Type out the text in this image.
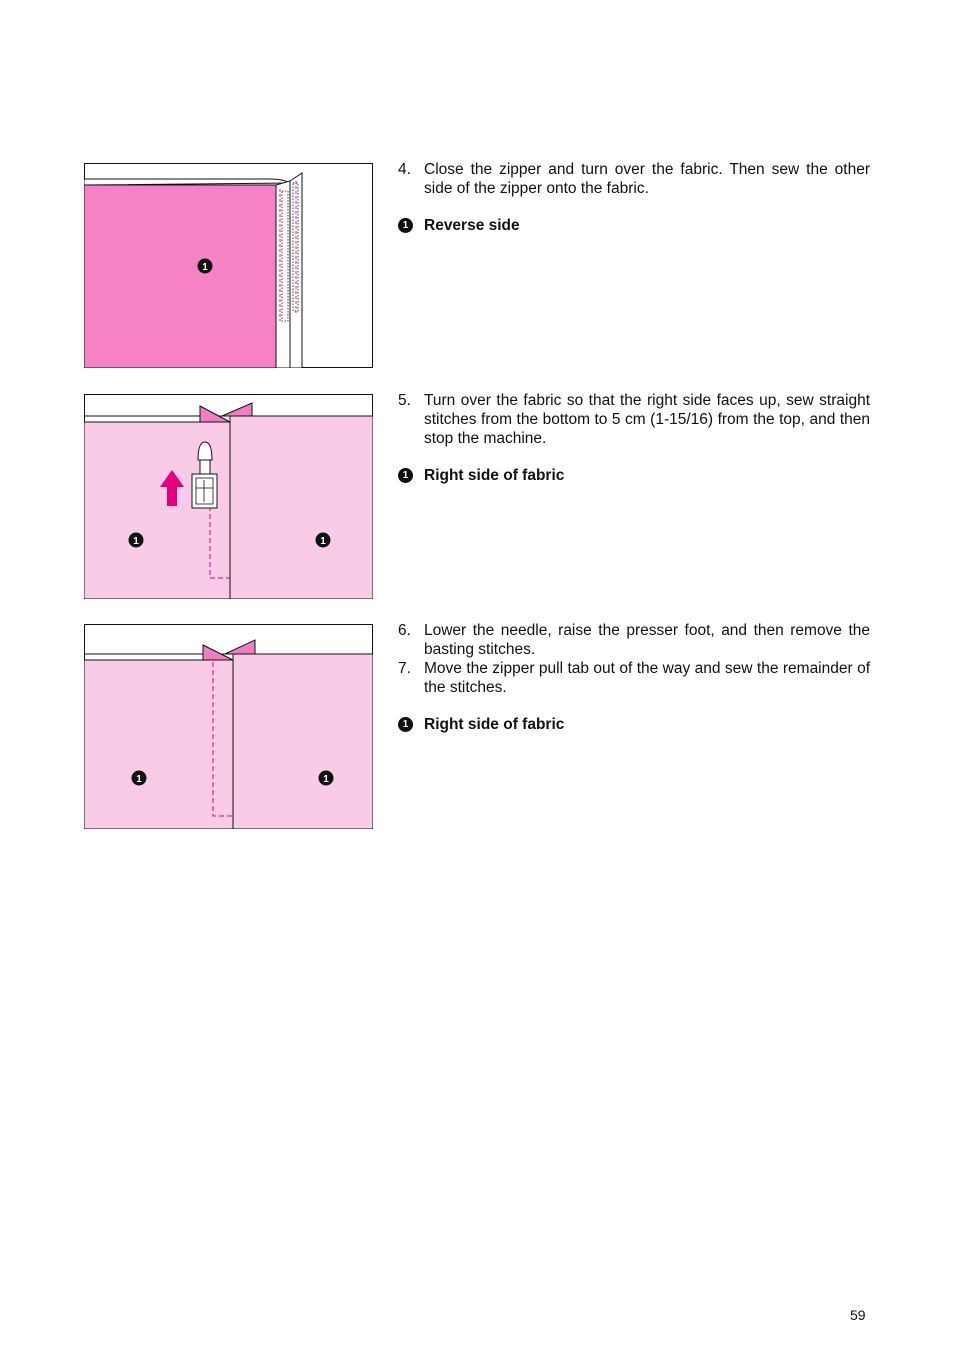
1

4. Close the zipper and turn over the fabric. Then sew the other side of the zipper onto the fabric.

1	Reverse side
1	1

5. Turn over the fabric so that the right side faces up, sew straight stitches from the bottom to 5 cm (1-15/16) from the top, and then stop the machine.

1	Right side of fabric
1	1

6. Lower the needle, raise the presser foot, and then remove the basting stitches.

7. Move the zipper pull tab out of the way and sew the remainder of the stitches.

1	Right side of fabric
59
